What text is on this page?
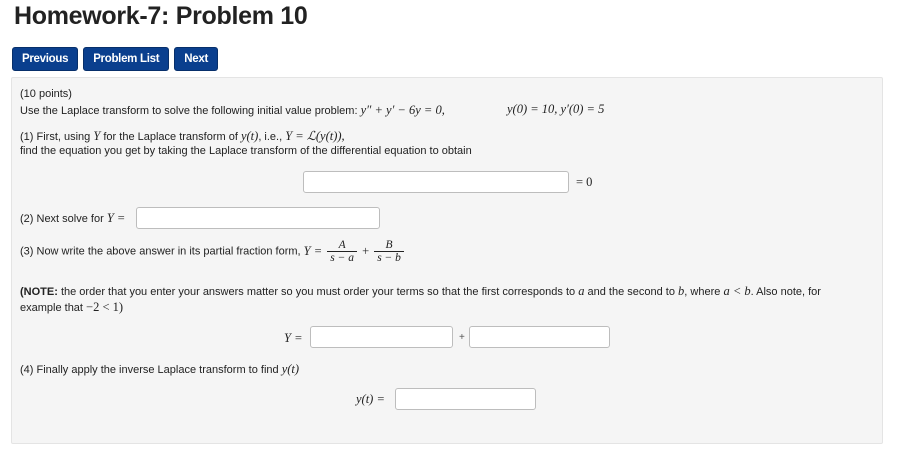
Homework-7: Problem 10
Previous	Problem List	Next
(10 points)
Use the Laplace transform to solve the following initial value problem: y″ + y′ − 6y = 0,	y(0) = 10, y′(0) = 5
(1) First, using Y for the Laplace transform of y(t), i.e., Y = ℒ(y(t)),
find the equation you get by taking the Laplace transform of the differential equation to obtain
= 0
(2) Next solve for Y =
(3) Now write the above answer in its partial fraction form, $Y = \frac{A}{s - a} + \frac{B}{s - b}$
(NOTE: the order that you enter your answers matter so you must order your terms so that the first corresponds to a and the second to b, where a < b. Also note, for
example that −2 < 1)
Y =	+
(4) Finally apply the inverse Laplace transform to find y(t)
y(t) =
